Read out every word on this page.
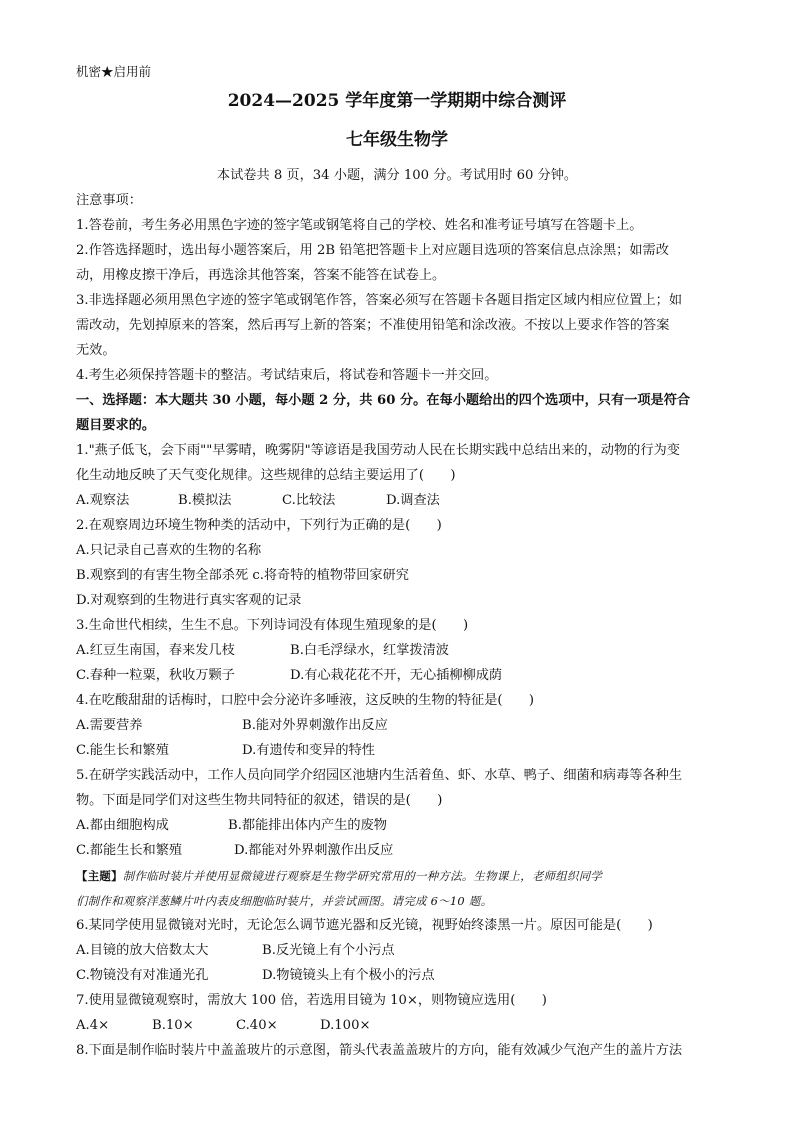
机密★启用前
2024—2025 学年度第一学期期中综合测评
七年级生物学
本试卷共 8 页，34 小题，满分 100 分。考试用时 60 分钟。
注意事项：
1.答卷前，考生务必用黑色字迹的签字笔或钢笔将自己的学校、姓名和准考证号填写在答题卡上。
2.作答选择题时，选出每小题答案后，用 2B 铅笔把答题卡上对应题目选项的答案信息点涂黑；如需改
动，用橡皮擦干净后，再选涂其他答案，答案不能答在试卷上。
3.非选择题必须用黑色字迹的签字笔或钢笔作答，答案必须写在答题卡各题目指定区域内相应位置上；如
需改动，先划掉原来的答案，然后再写上新的答案；不准使用铅笔和涂改液。不按以上要求作答的答案
无效。
4.考生必须保持答题卡的整洁。考试结束后，将试卷和答题卡一并交回。
一、选择题：本大题共 30 小题，每小题 2 分，共 60 分。在每小题给出的四个选项中，只有一项是符合
题目要求的。
1."燕子低飞，会下雨""早雾晴，晚雾阴"等谚语是我国劳动人民在长期实践中总结出来的，动物的行为变
化生动地反映了天气变化规律。这些规律的总结主要运用了(　　)
A.观察法	B.模拟法	C.比较法	D.调查法
2.在观察周边环境生物种类的活动中，下列行为正确的是(　　)
A.只记录自己喜欢的生物的名称
B.观察到的有害生物全部杀死 c.将奇特的植物带回家研究
D.对观察到的生物进行真实客观的记录
3.生命世代相续，生生不息。下列诗词没有体现生殖现象的是(　　)
A.红豆生南国，春来发几枝	B.白毛浮绿水，红掌拨清波
C.春种一粒粟，秋收万颗子	D.有心栽花花不开，无心插柳柳成荫
4.在吃酸甜甜的话梅时，口腔中会分泌许多唾液，这反映的生物的特征是(　　)
A.需要营养	B.能对外界刺激作出反应
C.能生长和繁殖	D.有遗传和变异的特性
5.在研学实践活动中，工作人员向同学介绍园区池塘内生活着鱼、虾、水草、鸭子、细菌和病毒等各种生
物。下面是同学们对这些生物共同特征的叙述，错误的是(　　)
A.都由细胞构成	B.都能排出体内产生的废物
C.都能生长和繁殖	D.都能对外界刺激作出反应
【主题】制作临时装片并使用显微镜进行观察是生物学研究常用的一种方法。生物课上，老师组织同学
们制作和观察洋葱鳞片叶内表皮细胞临时装片，并尝试画图。请完成 6～10 题。
6.某同学使用显微镜对光时，无论怎么调节遮光器和反光镜，视野始终漆黑一片。原因可能是(　　)
A.目镜的放大倍数太大	B.反光镜上有个小污点
C.物镜没有对准通光孔	D.物镜镜头上有个极小的污点
7.使用显微镜观察时，需放大 100 倍，若选用目镜为 10×，则物镜应选用(　　)
A.4×	B.10×	C.40×	D.100×
8.下面是制作临时装片中盖盖玻片的示意图，箭头代表盖盖玻片的方向，能有效减少气泡产生的盖片方法
